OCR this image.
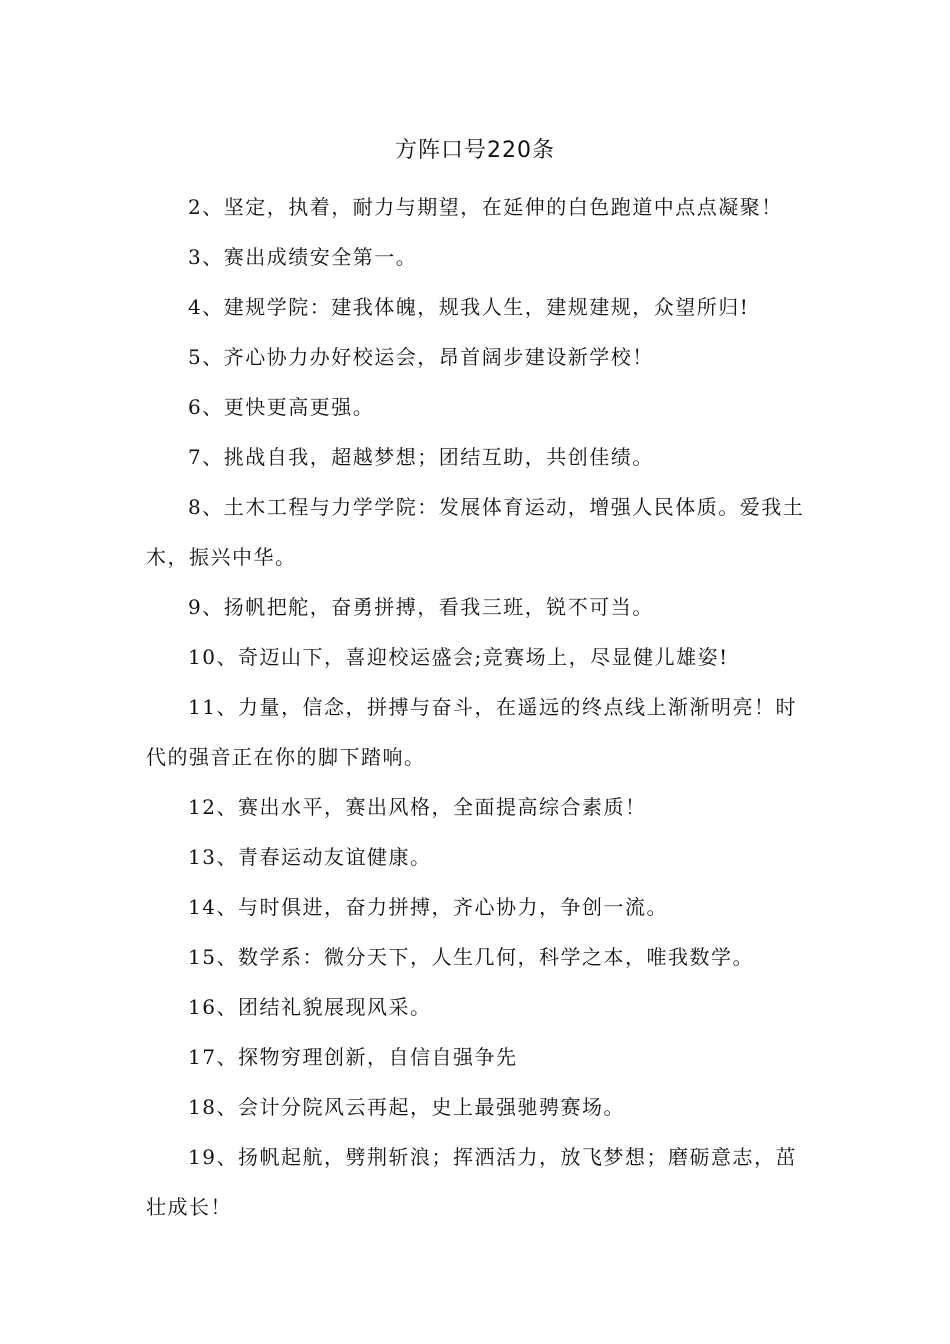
方阵口号220条

2、坚定，执着，耐力与期望，在延伸的白色跑道中点点凝聚！

3、赛出成绩安全第一。

4、建规学院：建我体魄，规我人生，建规建规，众望所归!

5、齐心协力办好校运会，昂首阔步建设新学校！

6、更快更高更强。

7、挑战自我，超越梦想；团结互助，共创佳绩。

8、土木工程与力学学院：发展体育运动，增强人民体质。爱我土木，振兴中华。

9、扬帆把舵，奋勇拼搏，看我三班，锐不可当。

10、奇迈山下，喜迎校运盛会;竞赛场上，尽显健儿雄姿!

11、力量，信念，拼搏与奋斗，在遥远的终点线上渐渐明亮！时代的强音正在你的脚下踏响。

12、赛出水平，赛出风格，全面提高综合素质！

13、青春运动友谊健康。

14、与时俱进，奋力拼搏，齐心协力，争创一流。

15、数学系：微分天下，人生几何，科学之本，唯我数学。

16、团结礼貌展现风采。

17、探物穷理创新，自信自强争先

18、会计分院风云再起，史上最强驰骋赛场。

19、扬帆起航，劈荆斩浪；挥洒活力，放飞梦想；磨砺意志，茁壮成长！
